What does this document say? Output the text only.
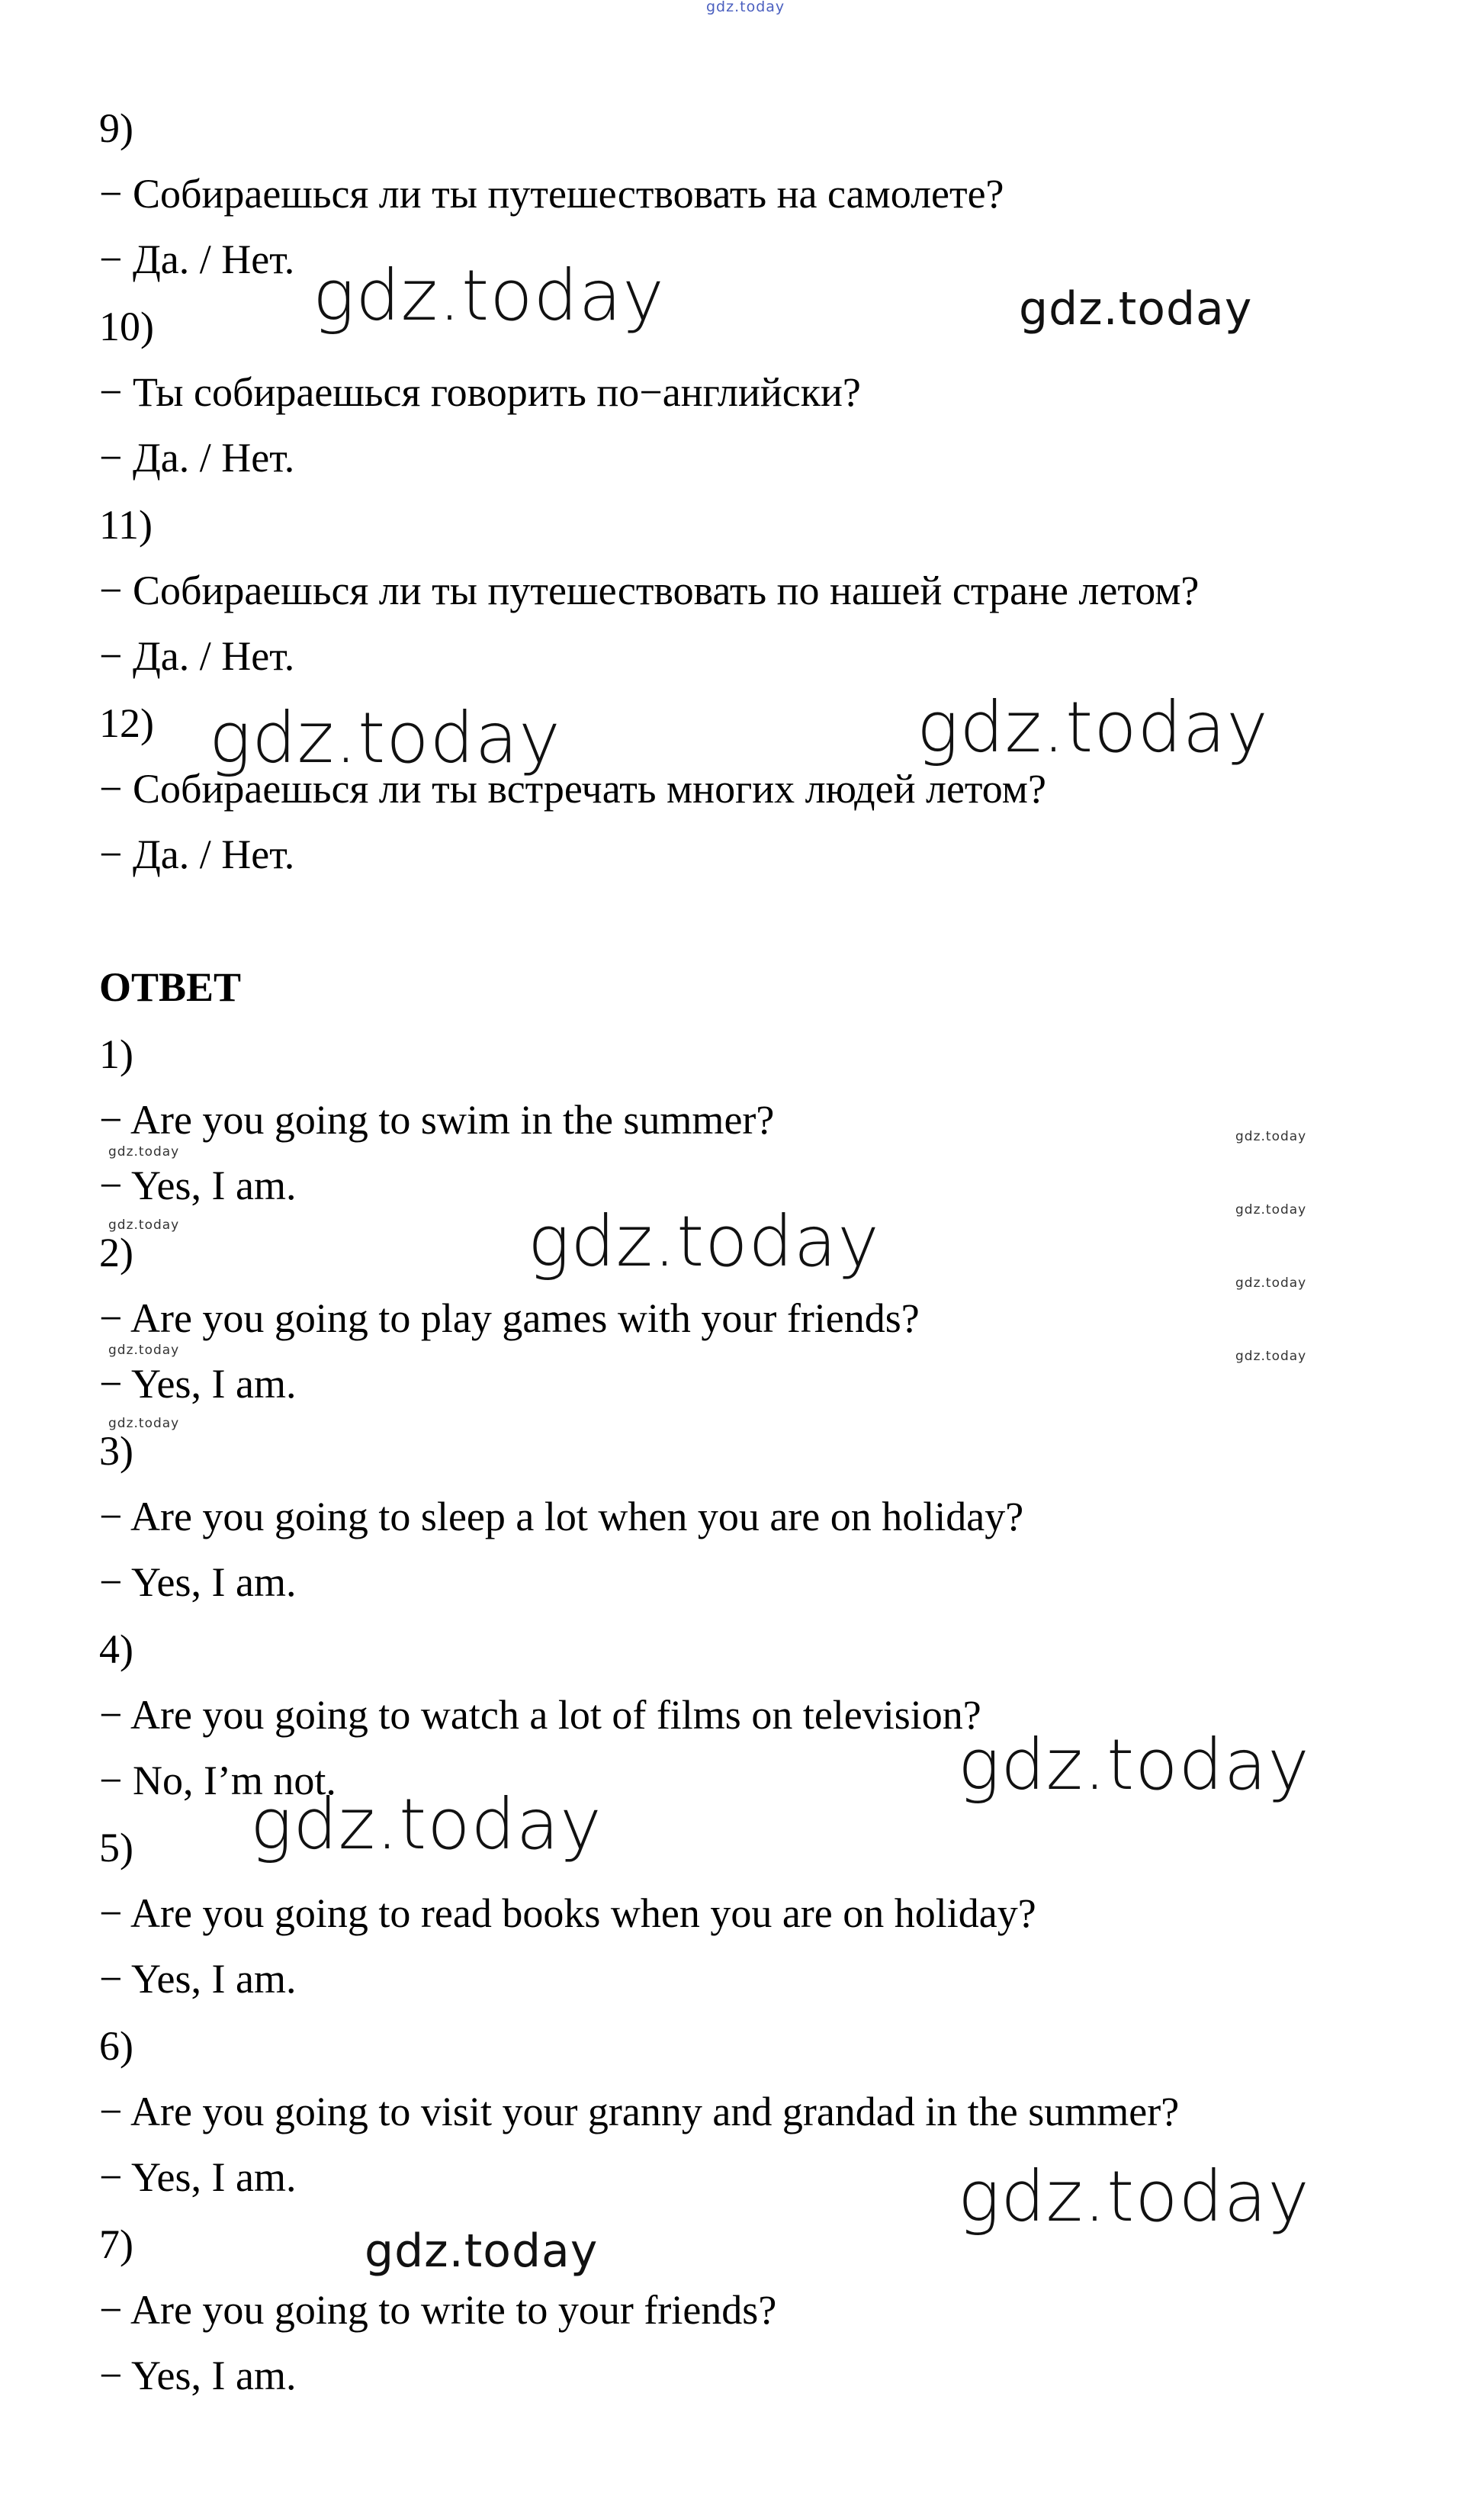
gdz.today
9)
− Собираешься ли ты путешествовать на самолете?
− Да. / Нет.
10)
− Ты собираешься говорить по−английски?
− Да. / Нет.
11)
− Собираешься ли ты путешествовать по нашей стране летом?
− Да. / Нет.
12)
− Собираешься ли ты встречать многих людей летом?
− Да. / Нет.
ОТВЕТ
1)
− Are you going to swim in the summer?
− Yes, I am.
2)
− Are you going to play games with your friends?
− Yes, I am.
3)
− Are you going to sleep a lot when you are on holiday?
− Yes, I am.
4)
− Are you going to watch a lot of films on television?
− No, I’m not.
5)
− Are you going to read books when you are on holiday?
− Yes, I am.
6)
− Are you going to visit your granny and grandad in the summer?
− Yes, I am.
7)
− Are you going to write to your friends?
− Yes, I am.
gdz.today	gdz.today
gdz.today	gdz.today
gdz.today
gdz.today
gdz.today
gdz.today
gdz.today
gdz.today
gdz.today
gdz.today
gdz.today
gdz.today
gdz.today
gdz.today
gdz.today
